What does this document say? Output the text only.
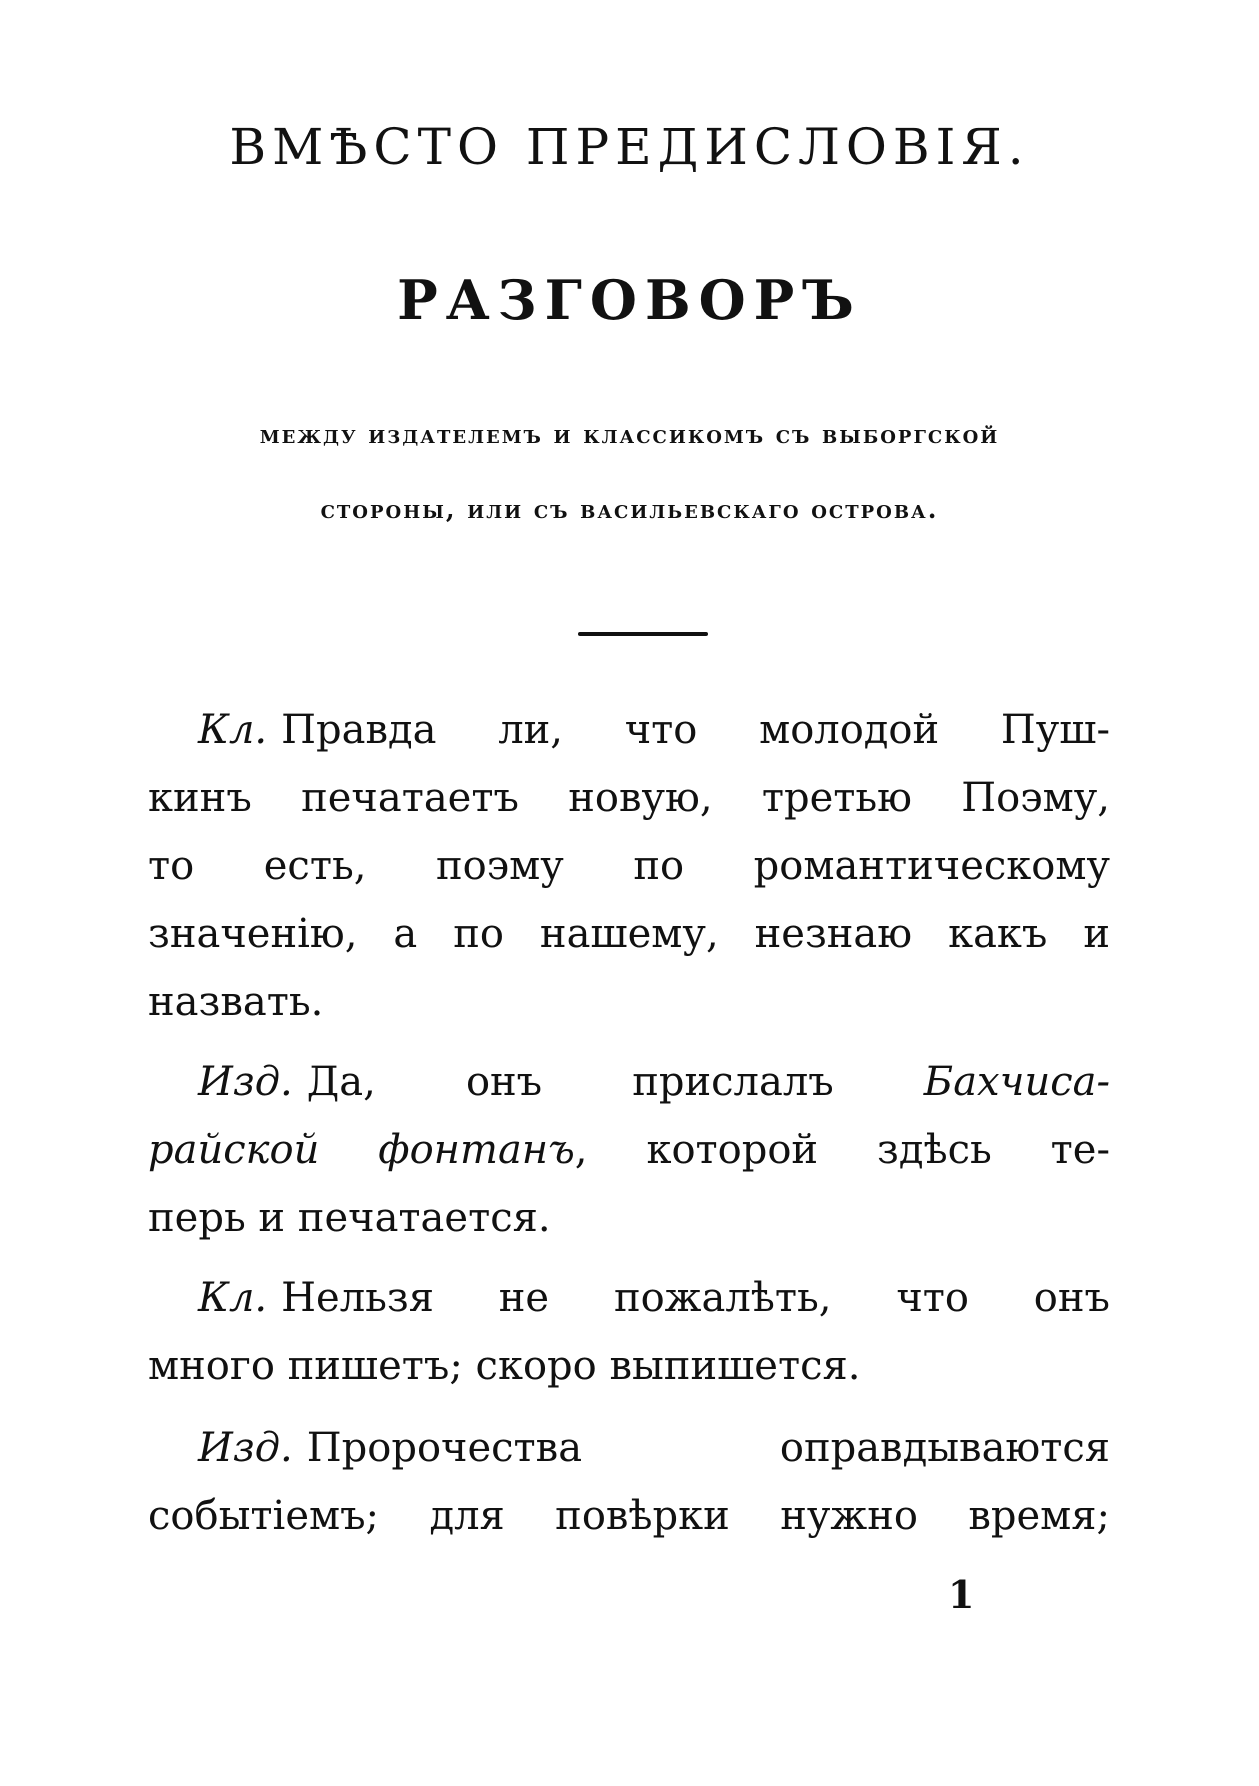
ВМѢСТО ПРЕДИСЛОВІЯ.
РАЗГОВОРЪ
между издателемъ и классикомъ съ выборгской
стороны, или съ васильевскаго острова.
Кл. Правда ли, что молодой Пуш-
кинъ печатаетъ новую, третью Поэму,
то есть, поэму по романтическому
значенію, а по нашему, незнаю какъ и
назвать.
Изд. Да, онъ прислалъ Бахчиса-
райской фонтанъ, которой здѣсь те-
перь и печатается.
Кл. Нельзя не пожалѣть, что онъ
много пишетъ; скоро выпишется.
Изд. Пророчества оправдываются
событіемъ; для повѣрки нужно время;
1
